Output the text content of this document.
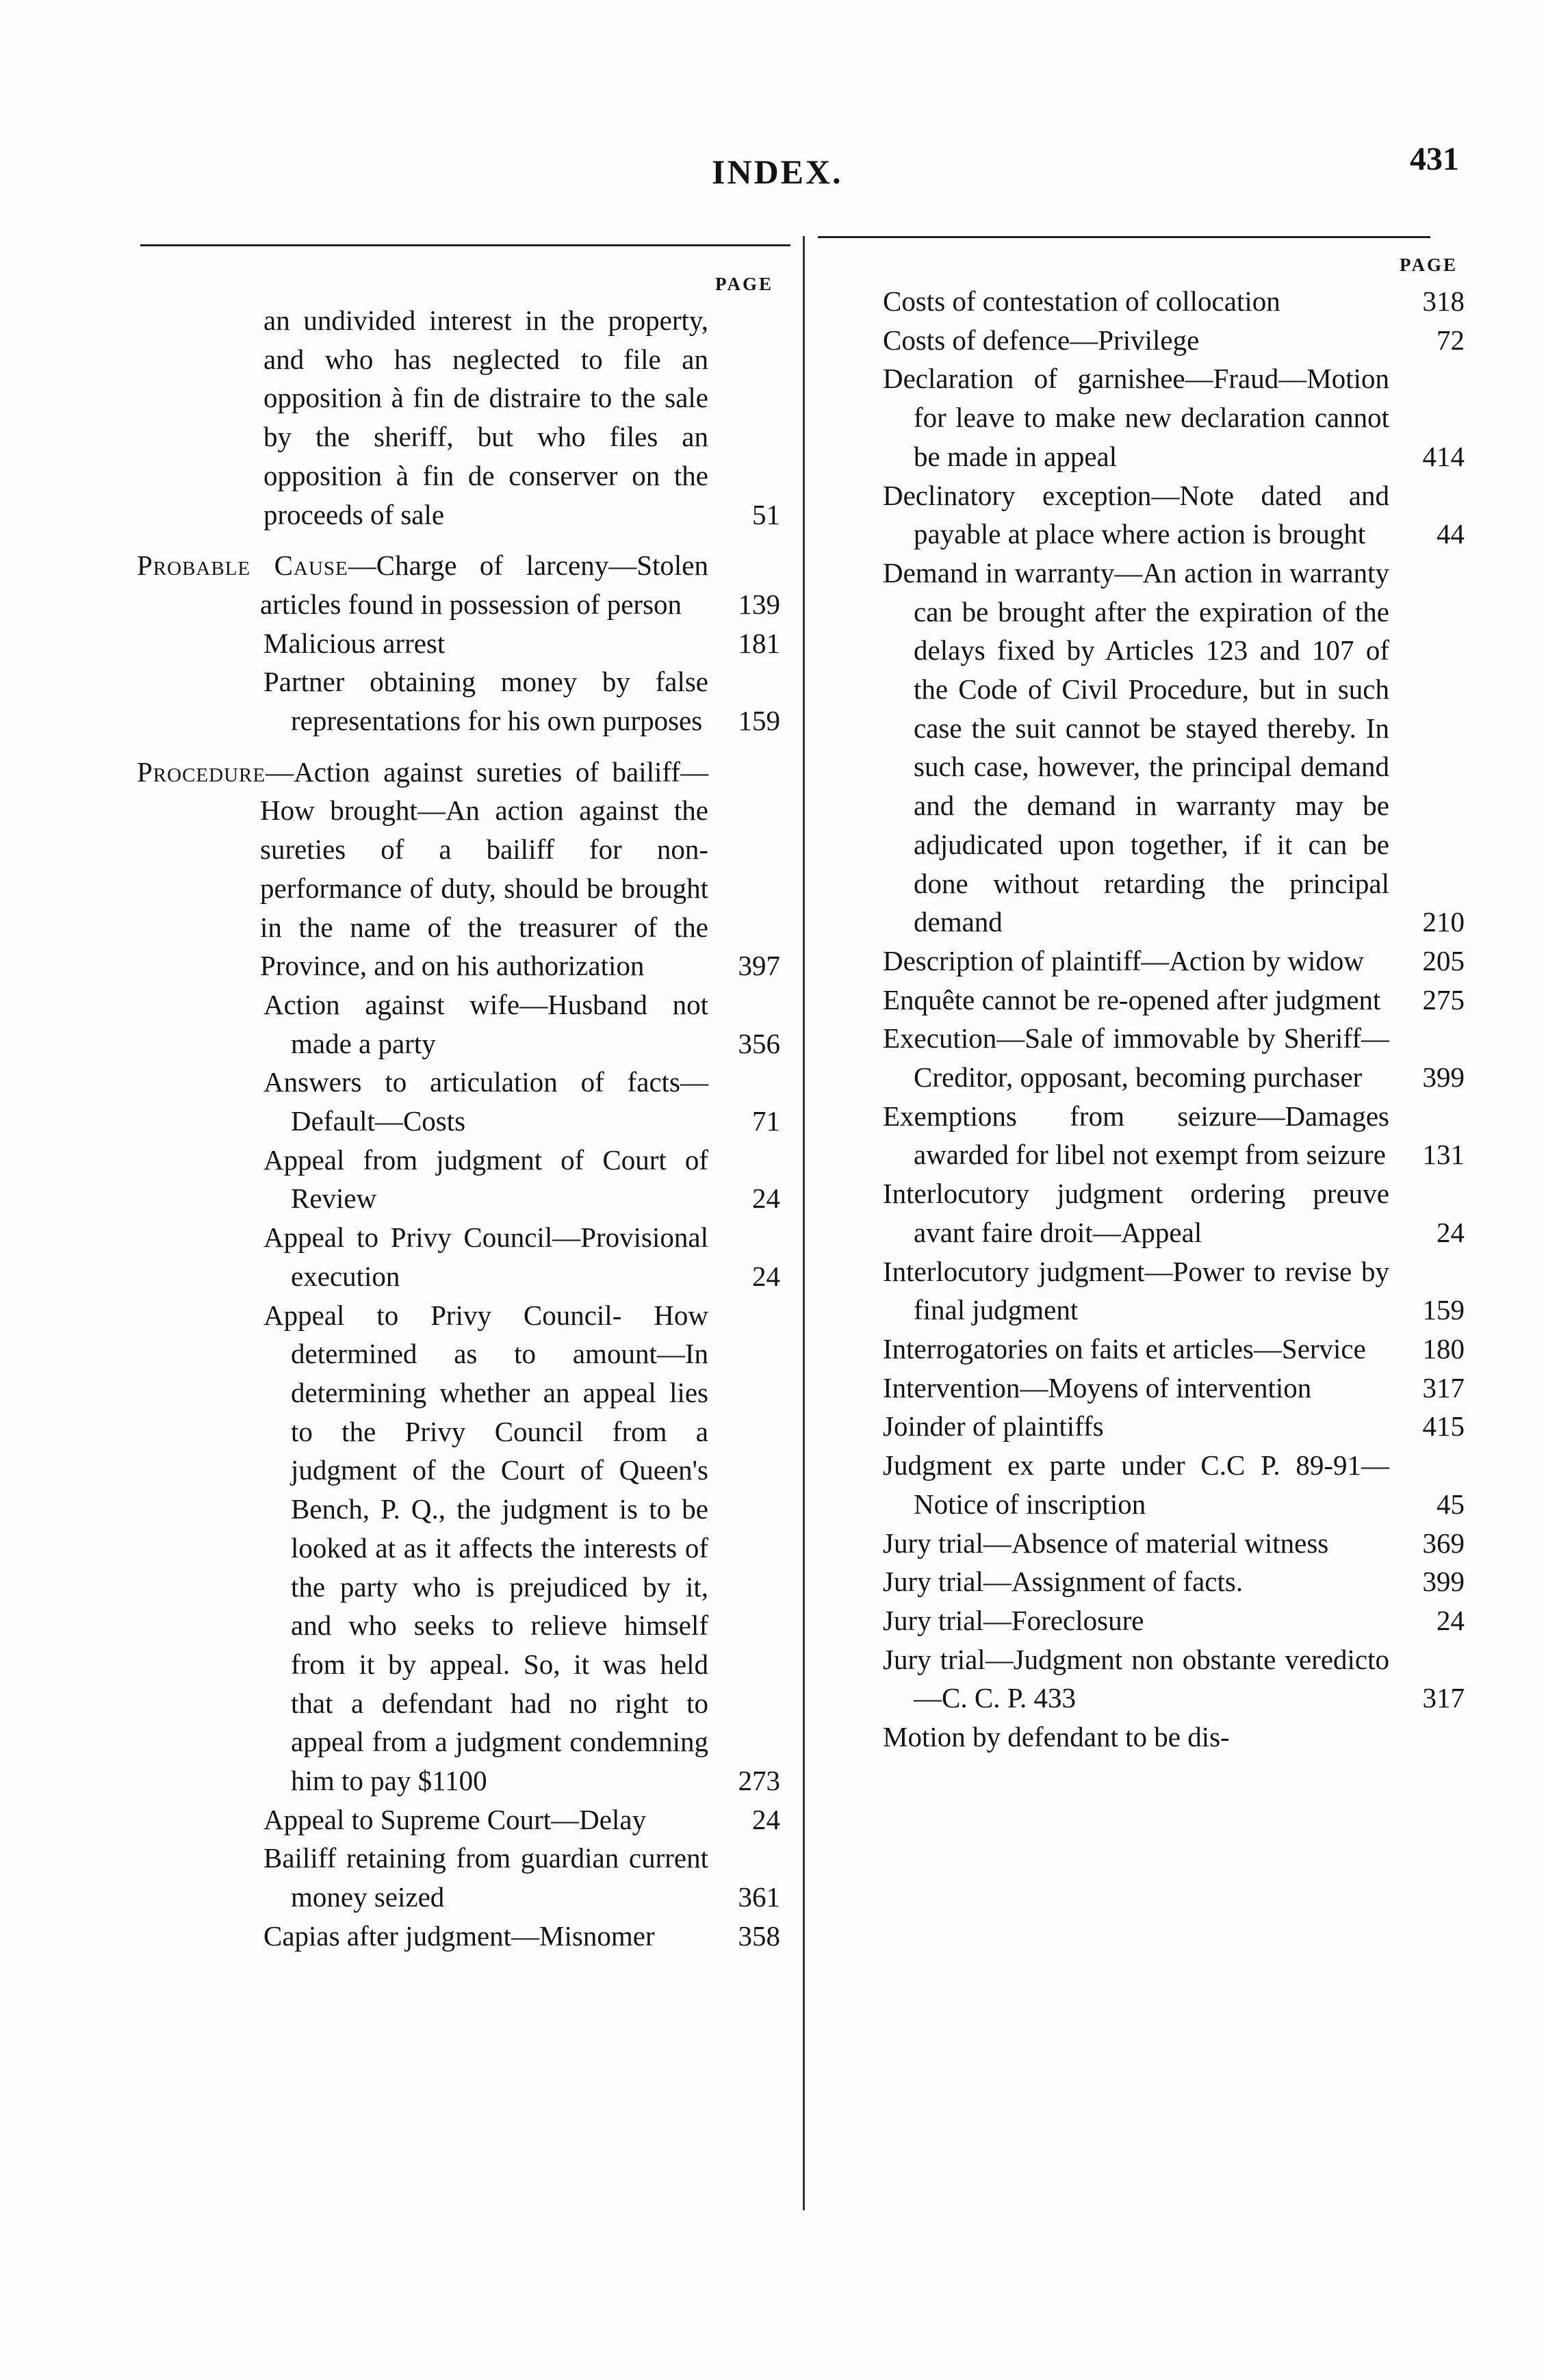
INDEX.	431
PAGE
an undivided interest in the property, and who has neglected to file an opposition à fin de distraire to the sale by the sheriff, but who files an opposition à fin de conserver on the proceeds of sale	51
Probable Cause—Charge of larceny—Stolen articles found in possession of person	139
Malicious arrest	181
Partner obtaining money by false representations for his own purposes	159
Procedure—Action against sureties of bailiff—How brought—An action against the sureties of a bailiff for non-performance of duty, should be brought in the name of the treasurer of the Province, and on his authorization	397
Action against wife—Husband not made a party	356
Answers to articulation of facts—Default—Costs	71
Appeal from judgment of Court of Review	24
Appeal to Privy Council—Provisional execution	24
Appeal to Privy Council- How determined as to amount—In determining whether an appeal lies to the Privy Council from a judgment of the Court of Queen's Bench, P. Q., the judgment is to be looked at as it affects the interests of the party who is prejudiced by it, and who seeks to relieve himself from it by appeal. So, it was held that a defendant had no right to appeal from a judgment condemning him to pay $1100	273
Appeal to Supreme Court—Delay	24
Bailiff retaining from guardian current money seized	361
Capias after judgment—Misnomer	358
PAGE
Costs of contestation of collocation	318
Costs of defence—Privilege	72
Declaration of garnishee—Fraud—Motion for leave to make new declaration cannot be made in appeal	414
Declinatory exception—Note dated and payable at place where action is brought	44
Demand in warranty—An action in warranty can be brought after the expiration of the delays fixed by Articles 123 and 107 of the Code of Civil Procedure, but in such case the suit cannot be stayed thereby. In such case, however, the principal demand and the demand in warranty may be adjudicated upon together, if it can be done without retarding the principal demand	210
Description of plaintiff—Action by widow	205
Enquête cannot be re-opened after judgment	275
Execution—Sale of immovable by Sheriff—Creditor, opposant, becoming purchaser	399
Exemptions from seizure—Damages awarded for libel not exempt from seizure	131
Interlocutory judgment ordering preuve avant faire droit—Appeal	24
Interlocutory judgment—Power to revise by final judgment	159
Interrogatories on faits et articles—Service	180
Intervention—Moyens of intervention	317
Joinder of plaintiffs	415
Judgment ex parte under C.C P. 89-91—Notice of inscription	45
Jury trial—Absence of material witness	369
Jury trial—Assignment of facts.	399
Jury trial—Foreclosure	24
Jury trial—Judgment non obstante veredicto—C. C. P. 433	317
Motion by defendant to be dis-
